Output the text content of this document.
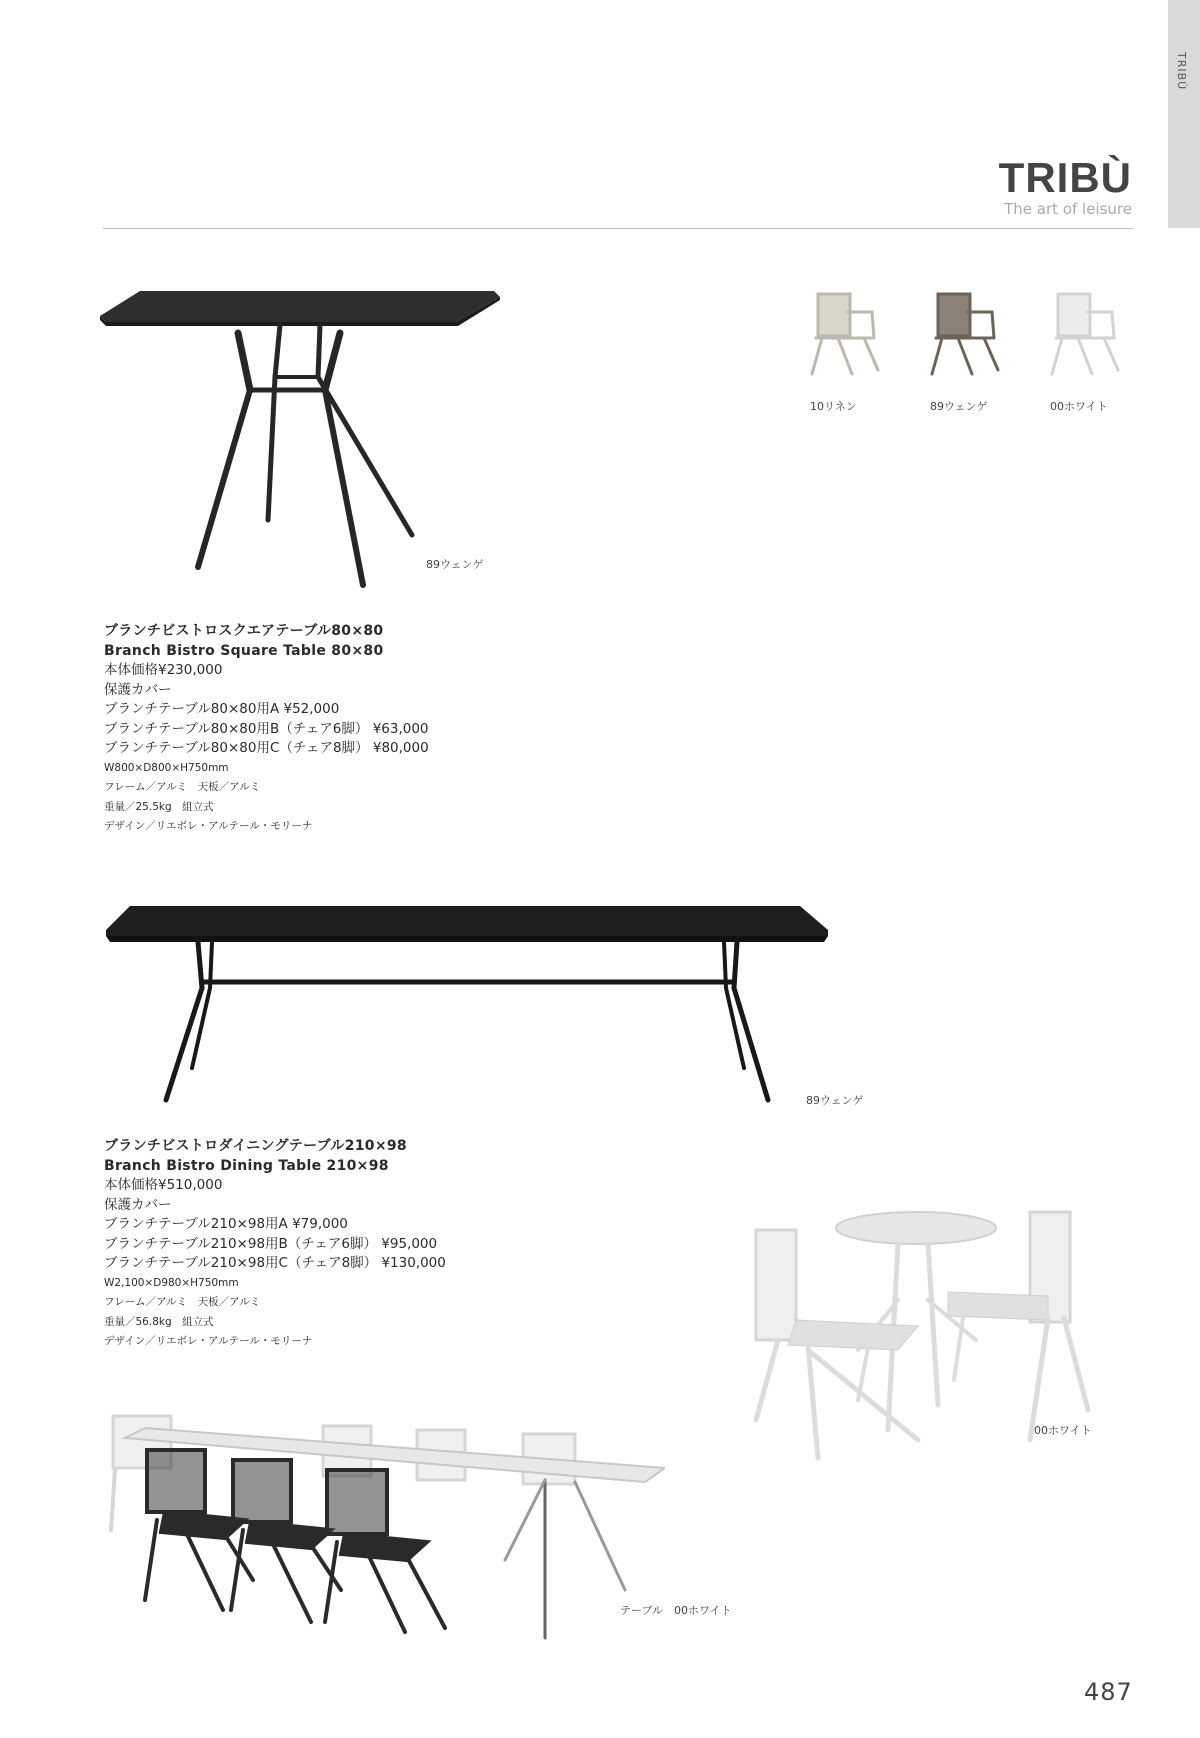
TRIBÙ
TRIBÙ
The art of leisure
89ウェンゲ
10リネン	89ウェンゲ	00ホワイト
ブランチビストロスクエアテーブル80×80
Branch Bistro Square Table 80×80
本体価格¥230,000
保護カバー
ブランチテーブル80×80用A ¥52,000
ブランチテーブル80×80用B（チェア6脚） ¥63,000
ブランチテーブル80×80用C（チェア8脚） ¥80,000
W800×D800×H750mm
フレーム／アルミ　天板／アルミ
重量／25.5kg　組立式
デザイン／リエボレ・アルテール・モリーナ
89ウェンゲ
ブランチビストロダイニングテーブル210×98
Branch Bistro Dining Table 210×98
本体価格¥510,000
保護カバー
ブランチテーブル210×98用A ¥79,000
ブランチテーブル210×98用B（チェア6脚） ¥95,000
ブランチテーブル210×98用C（チェア8脚） ¥130,000
W2,100×D980×H750mm
フレーム／アルミ　天板／アルミ
重量／56.8kg　組立式
デザイン／リエボレ・アルテール・モリーナ
00ホワイト
テーブル　00ホワイト
487
